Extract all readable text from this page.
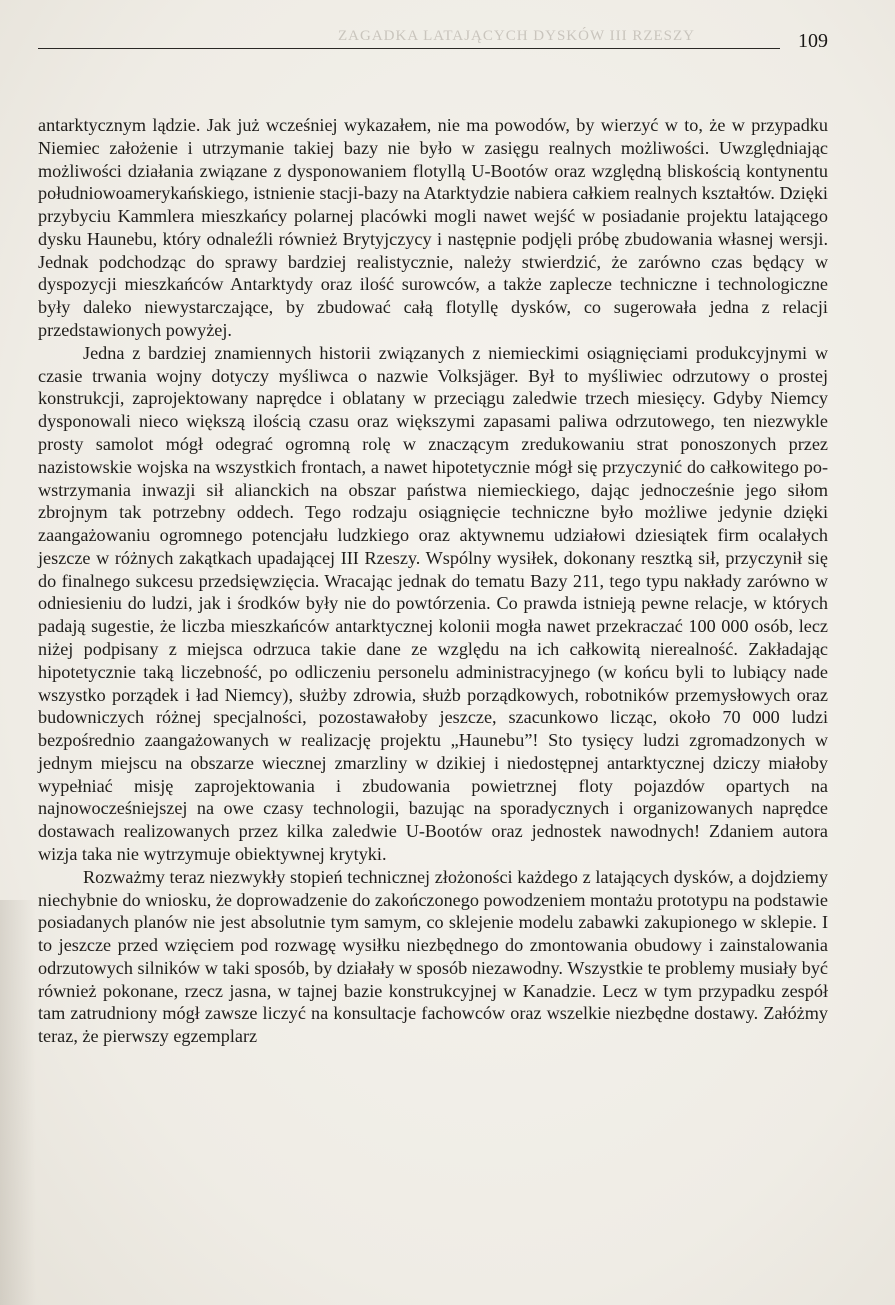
ZAGADKA LATAJĄCYCH DYSKÓW III RZESZY	109

antarktycznym lądzie. Jak już wcześniej wykazałem, nie ma powodów, by wierzyć w to, że w przypadku Niemiec założenie i utrzymanie takiej bazy nie było w zasięgu realnych możliwości. Uwzględniając możliwości działania związane z dysponowaniem flotyllą U-Bootów oraz względną bliskością kontynentu południowoamerykańskiego, istnienie stacji-bazy na Atarktydzie nabiera całkiem realnych kształtów. Dzięki przybyciu Kammlera mieszkańcy polarnej placówki mogli nawet wejść w posiadanie projektu latającego dysku Haunebu, który odnaleźli również Brytyjczycy i następnie podjęli próbę zbudowania własnej wersji. Jednak podchodząc do sprawy bardziej realistycznie, należy stwierdzić, że zarówno czas będący w dyspozycji mieszkańców Antarktydy oraz ilość surowców, a także zaplecze techniczne i technologiczne były daleko niewystarczające, by zbudować całą flotyllę dysków, co sugerowała jedna z relacji przedstawionych powyżej.

Jedna z bardziej znamiennych historii związanych z niemieckimi osiągnięciami produkcyjnymi w czasie trwania wojny dotyczy myśliwca o nazwie Volksjäger. Był to myśliwiec odrzutowy o prostej konstrukcji, zaprojektowany naprędce i oblatany w przeciągu zaledwie trzech miesięcy. Gdyby Niemcy dysponowali nieco większą ilością czasu oraz większymi zapasami paliwa odrzutowego, ten niezwykle prosty samolot mógł odegrać ogromną rolę w znaczącym zredukowaniu strat ponoszonych przez nazistowskie wojska na wszystkich frontach, a nawet hipotetycznie mógł się przyczynić do całkowitego powstrzymania inwazji sił alianckich na obszar państwa niemieckiego, dając jednocześnie jego siłom zbrojnym tak potrzebny oddech. Tego rodzaju osiągnięcie techniczne było możliwe jedynie dzięki zaangażowaniu ogromnego potencjału ludzkiego oraz aktywnemu udziałowi dziesiątek firm ocalałych jeszcze w różnych zakątkach upadającej III Rzeszy. Wspólny wysiłek, dokonany resztką sił, przyczynił się do finalnego sukcesu przedsięwzięcia. Wracając jednak do tematu Bazy 211, tego typu nakłady zarówno w odniesieniu do ludzi, jak i środków były nie do powtórzenia. Co prawda istnieją pewne relacje, w których padają sugestie, że liczba mieszkańców antarktycznej kolonii mogła nawet przekraczać 100 000 osób, lecz niżej podpisany z miejsca odrzuca takie dane ze względu na ich całkowitą nierealność. Zakładając hipotetycznie taką liczebność, po odliczeniu personelu administracyjnego (w końcu byli to lubiący nade wszystko porządek i ład Niemcy), służby zdrowia, służb porządkowych, robotników przemysłowych oraz budowniczych różnej specjalności, pozostawałoby jeszcze, szacunkowo licząc, około 70 000 ludzi bezpośrednio zaangażowanych w realizację projektu „Haunebu”! Sto tysięcy ludzi zgromadzonych w jednym miejscu na obszarze wiecznej zmarzliny w dzikiej i niedostępnej antarktycznej dziczy miałoby wypełniać misję zaprojektowania i zbudowania powietrznej floty pojazdów opartych na najnowocześniejszej na owe czasy technologii, bazując na sporadycznych i organizowanych naprędce dostawach realizowanych przez kilka zaledwie U-Bootów oraz jednostek nawodnych! Zdaniem autora wizja taka nie wytrzymuje obiektywnej krytyki.

Rozważmy teraz niezwykły stopień technicznej złożoności każdego z latających dysków, a dojdziemy niechybnie do wniosku, że doprowadzenie do zakończonego powodzeniem montażu prototypu na podstawie posiadanych planów nie jest absolutnie tym samym, co sklejenie modelu zabawki zakupionego w sklepie. I to jeszcze przed wzięciem pod rozwagę wysiłku niezbędnego do zmontowania obudowy i zainstalowania odrzutowych silników w taki sposób, by działały w sposób niezawodny. Wszystkie te problemy musiały być również pokonane, rzecz jasna, w tajnej bazie konstrukcyjnej w Kanadzie. Lecz w tym przypadku zespół tam zatrudniony mógł zawsze liczyć na konsultacje fachowców oraz wszelkie niezbędne dostawy. Załóżmy teraz, że pierwszy egzemplarz
